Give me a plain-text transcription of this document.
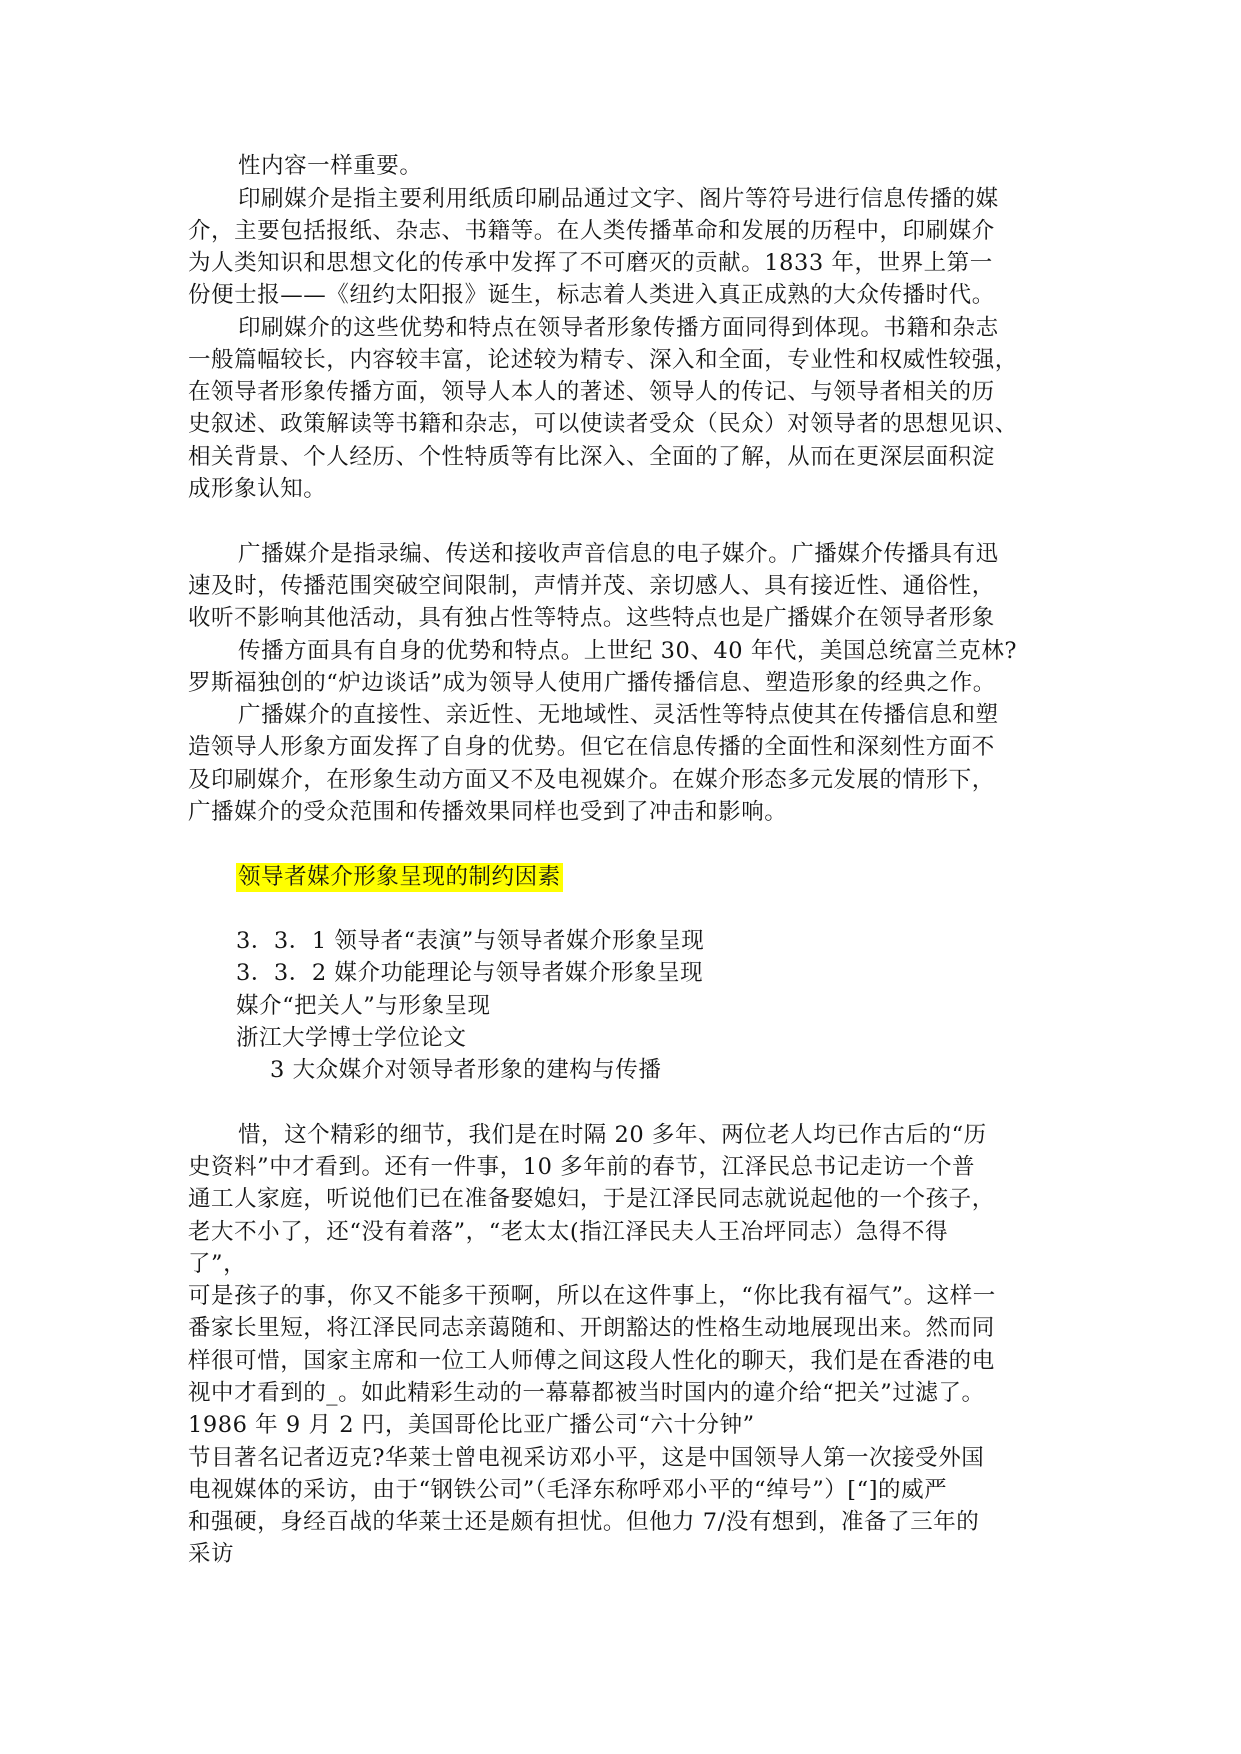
性内容一样重要。
印刷媒介是指主要利用纸质印刷品通过文字、阁片等符号进行信息传播的媒
介，主要包括报纸、杂志、书籍等。在人类传播革命和发展的历程中，印刷媒介
为人类知识和思想文化的传承中发挥了不可磨灭的贡献。1833 年，世界上第一
份便士报——《纽约太阳报》诞生，标志着人类进入真正成熟的大众传播时代。
印刷媒介的这些优势和特点在领导者形象传播方面同得到体现。书籍和杂志
一般篇幅较长，内容较丰富，论述较为精专、深入和全面，专业性和权威性较强，
在领导者形象传播方面，领导人本人的著述、领导人的传记、与领导者相关的历
史叙述、政策解读等书籍和杂志，可以使读者受众（民众）对领导者的思想见识、
相关背景、个人经历、个性特质等有比深入、全面的了解，从而在更深层面积淀
成形象认知。
广播媒介是指录编、传送和接收声音信息的电子媒介。广播媒介传播具有迅
速及时，传播范围突破空间限制，声情并茂、亲切感人、具有接近性、通俗性，
收听不影响其他活动，具有独占性等特点。这些特点也是广播媒介在领导者形象
传播方面具有自身的优势和特点。上世纪 30、40 年代，美国总统富兰克林?
罗斯福独创的“炉边谈话”成为领导人使用广播传播信息、塑造形象的经典之作。
广播媒介的直接性、亲近性、无地域性、灵活性等特点使其在传播信息和塑
造领导人形象方面发挥了自身的优势。但它在信息传播的全面性和深刻性方面不
及印刷媒介，在形象生动方面又不及电视媒介。在媒介形态多元发展的情形下，
广播媒介的受众范围和传播效果同样也受到了冲击和影响。
领导者媒介形象呈现的制约因素
3．3．1 领导者“表演”与领导者媒介形象呈现
3．3．2 媒介功能理论与领导者媒介形象呈现
媒介“把关人”与形象呈现
浙江大学博士学位论文
3 大众媒介对领导者形象的建构与传播
惜，这个精彩的细节，我们是在时隔 20 多年、两位老人均已作古后的“历
史资料”中才看到。还有一件事，10 多年前的春节，江泽民总书记走访一个普
通工人家庭，听说他们已在准备娶媳妇，于是江泽民同志就说起他的一个孩子，
老大不小了，还“没有着落”，“老太太(指江泽民夫人王冶坪同志）急得不得
了”，
可是孩子的事，你又不能多干预啊，所以在这件事上，“你比我有福气”。这样一
番家长里短，将江泽民同志亲蔼随和、开朗豁达的性格生动地展现出来。然而同
样很可惜，国家主席和一位工人师傅之间这段人性化的聊天，我们是在香港的电
视中才看到的_。如此精彩生动的一幕幕都被当时国内的違介给“把关”过滤了。
1986 年 9 月 2 円，美国哥伦比亚广播公司“六十分钟”
节目著名记者迈克?华莱士曾电视采访邓小平，这是中国领导人第一次接受外国
电视媒体的采访，由于“钢铁公司”（毛泽东称呼邓小平的“绰号”）[“]的威严
和强硬，身经百战的华莱士还是颇有担忧。但他力 7/没有想到，准备了三年的
采访
